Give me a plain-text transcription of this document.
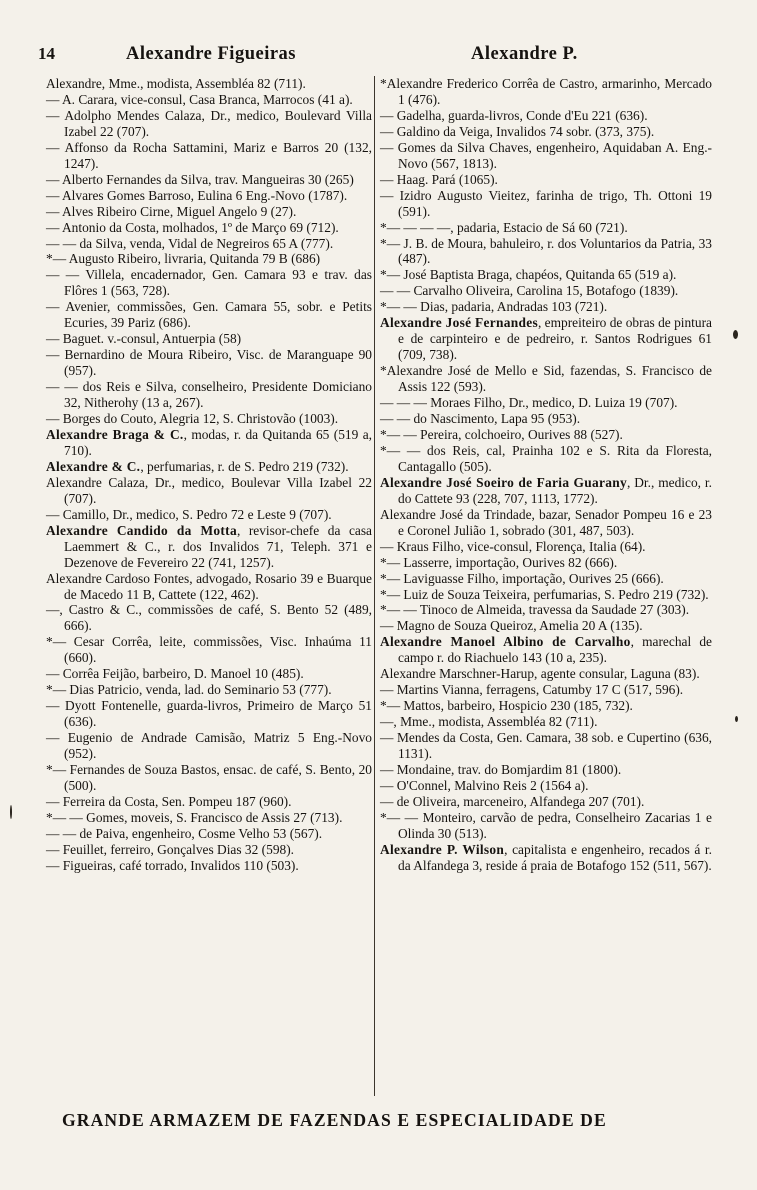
14	Alexandre Figueiras	Alexandre P.
Alexandre, Mme., modista, Assembléa 82 (711).
— A. Carara, vice-consul, Casa Branca, Marrocos (41 a).
— Adolpho Mendes Calaza, Dr., medico, Boulevard Villa Izabel 22 (707).
— Affonso da Rocha Sattamini, Mariz e Barros 20 (132, 1247).
— Alberto Fernandes da Silva, trav. Mangueiras 30 (265)
— Alvares Gomes Barroso, Eulina 6 Eng.-Novo (1787).
— Alves Ribeiro Cirne, Miguel Angelo 9 (27).
— Antonio da Costa, molhados, 1º de Março 69 (712).
— — da Silva, venda, Vidal de Negreiros 65 A (777).
*— Augusto Ribeiro, livraria, Quitanda 79 B (686)
— — Villela, encadernador, Gen. Camara 93 e trav. das Flôres 1 (563, 728).
— Avenier, commissões, Gen. Camara 55, sobr. e Petits Ecuries, 39 Pariz (686).
— Baguet. v.-consul, Antuerpia (58)
— Bernardino de Moura Ribeiro, Visc. de Maranguape 90 (957).
— — dos Reis e Silva, conselheiro, Presidente Domiciano 32, Nitherohy (13 a, 267).
— Borges do Couto, Alegria 12, S. Christovão (1003).
Alexandre Braga & C., modas, r. da Quitanda 65 (519 a, 710).
Alexandre & C., perfumarias, r. de S. Pedro 219 (732).
Alexandre Calaza, Dr., medico, Boulevar Villa Izabel 22 (707).
— Camillo, Dr., medico, S. Pedro 72 e Leste 9 (707).
Alexandre Candido da Motta, revisor-chefe da casa Laemmert & C., r. dos Invalidos 71, Teleph. 371 e Dezenove de Fevereiro 22 (741, 1257).
Alexandre Cardoso Fontes, advogado, Rosario 39 e Buarque de Macedo 11 B, Cattete (122, 462).
—, Castro & C., commissões de café, S. Bento 52 (489, 666).
*— Cesar Corrêa, leite, commissões, Visc. Inhaúma 11 (660).
— Corrêa Feijão, barbeiro, D. Manoel 10 (485).
*— Dias Patricio, venda, lad. do Seminario 53 (777).
— Dyott Fontenelle, guarda-livros, Primeiro de Março 51 (636).
— Eugenio de Andrade Camisão, Matriz 5 Eng.-Novo (952).
*— Fernandes de Souza Bastos, ensac. de café, S. Bento, 20 (500).
— Ferreira da Costa, Sen. Pompeu 187 (960).
*— — Gomes, moveis, S. Francisco de Assis 27 (713).
— — de Paiva, engenheiro, Cosme Velho 53 (567).
— Feuillet, ferreiro, Gonçalves Dias 32 (598).
— Figueiras, café torrado, Invalidos 110 (503).
*Alexandre Frederico Corrêa de Castro, armarinho, Mercado 1 (476).
— Gadelha, guarda-livros, Conde d'Eu 221 (636).
— Galdino da Veiga, Invalidos 74 sobr. (373, 375).
— Gomes da Silva Chaves, engenheiro, Aquidaban A. Eng.-Novo (567, 1813).
— Haag. Pará (1065).
— Izidro Augusto Vieitez, farinha de trigo, Th. Ottoni 19 (591).
*— — — —, padaria, Estacio de Sá 60 (721).
*— J. B. de Moura, bahuleiro, r. dos Voluntarios da Patria, 33 (487).
*— José Baptista Braga, chapéos, Quitanda 65 (519 a).
— — Carvalho Oliveira, Carolina 15, Botafogo (1839).
*— — Dias, padaria, Andradas 103 (721).
Alexandre José Fernandes, empreiteiro de obras de pintura e de carpinteiro e de pedreiro, r. Santos Rodrigues 61 (709, 738).
*Alexandre José de Mello e Sid, fazendas, S. Francisco de Assis 122 (593).
— — — Moraes Filho, Dr., medico, D. Luiza 19 (707).
— — do Nascimento, Lapa 95 (953).
*— — Pereira, colchoeiro, Ourives 88 (527).
*— — dos Reis, cal, Prainha 102 e S. Rita da Floresta, Cantagallo (505).
Alexandre José Soeiro de Faria Guarany, Dr., medico, r. do Cattete 93 (228, 707, 1113, 1772).
Alexandre José da Trindade, bazar, Senador Pompeu 16 e 23 e Coronel Julião 1, sobrado (301, 487, 503).
— Kraus Filho, vice-consul, Florença, Italia (64).
*— Lasserre, importação, Ourives 82 (666).
*— Laviguasse Filho, importação, Ourives 25 (666).
*— Luiz de Souza Teixeira, perfumarias, S. Pedro 219 (732).
*— — Tinoco de Almeida, travessa da Saudade 27 (303).
— Magno de Souza Queiroz, Amelia 20 A (135).
Alexandre Manoel Albino de Carvalho, marechal de campo r. do Riachuelo 143 (10 a, 235).
Alexandre Marschner-Harup, agente consular, Laguna (83).
— Martins Vianna, ferragens, Catumby 17 C (517, 596).
*— Mattos, barbeiro, Hospicio 230 (185, 732).
—, Mme., modista, Assembléa 82 (711).
— Mendes da Costa, Gen. Camara, 38 sob. e Cupertino (636, 1131).
— Mondaine, trav. do Bomjardim 81 (1800).
— O'Connel, Malvino Reis 2 (1564 a).
— de Oliveira, marceneiro, Alfandega 207 (701).
*— — Monteiro, carvão de pedra, Conselheiro Zacarias 1 e Olinda 30 (513).
Alexandre P. Wilson, capitalista e engenheiro, recados á r. da Alfandega 3, reside á praia de Botafogo 152 (511, 567).
GRANDE ARMAZEM DE FAZENDAS E ESPECIALIDADE DE
